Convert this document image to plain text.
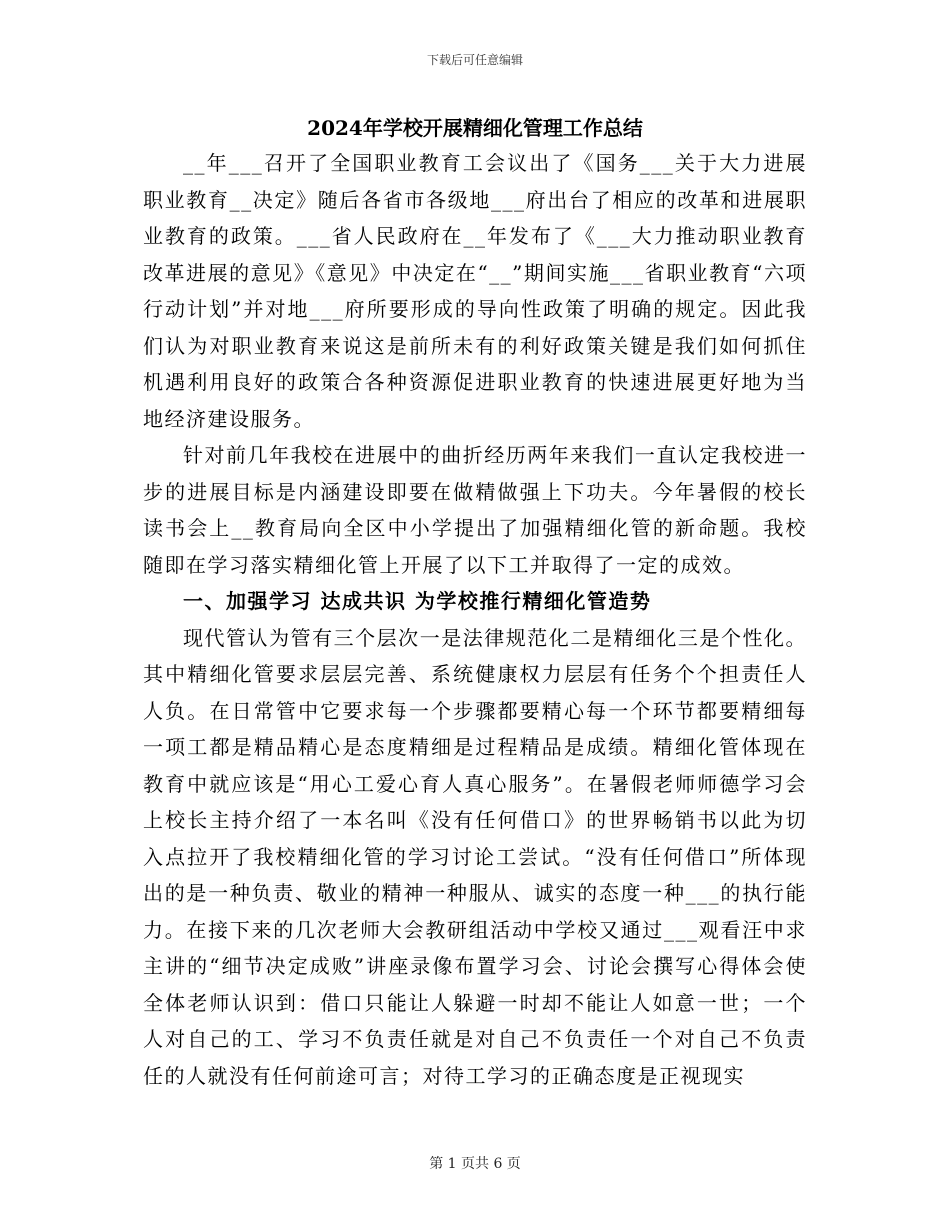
下载后可任意编辑
2024年学校开展精细化管理工作总结

__年___召开了全国职业教育工会议出了《国务___关于大力进展职业教育__决定》随后各省市各级地___府出台了相应的改革和进展职业教育的政策。___省人民政府在__年发布了《___大力推动职业教育改革进展的意见》《意见》中决定在“__”期间实施___省职业教育“六项行动计划”并对地___府所要形成的导向性政策了明确的规定。因此我们认为对职业教育来说这是前所未有的利好政策关键是我们如何抓住机遇利用良好的政策合各种资源促进职业教育的快速进展更好地为当地经济建设服务。

针对前几年我校在进展中的曲折经历两年来我们一直认定我校进一步的进展目标是内涵建设即要在做精做强上下功夫。今年暑假的校长读书会上__教育局向全区中小学提出了加强精细化管的新命题。我校随即在学习落实精细化管上开展了以下工并取得了一定的成效。

一、加强学习 达成共识 为学校推行精细化管造势

现代管认为管有三个层次一是法律规范化二是精细化三是个性化。其中精细化管要求层层完善、系统健康权力层层有任务个个担责任人人负。在日常管中它要求每一个步骤都要精心每一个环节都要精细每一项工都是精品精心是态度精细是过程精品是成绩。精细化管体现在教育中就应该是“用心工爱心育人真心服务”。在暑假老师师德学习会上校长主持介绍了一本名叫《没有任何借口》的世界畅销书以此为切入点拉开了我校精细化管的学习讨论工尝试。“没有任何借口”所体现出的是一种负责、敬业的精神一种服从、诚实的态度一种___的执行能力。在接下来的几次老师大会教研组活动中学校又通过___观看汪中求主讲的“细节决定成败”讲座录像布置学习会、讨论会撰写心得体会使全体老师认识到：借口只能让人躲避一时却不能让人如意一世；一个人对自己的工、学习不负责任就是对自己不负责任一个对自己不负责任的人就没有任何前途可言；对待工学习的正确态度是正视现实

第 1 页共 6 页
